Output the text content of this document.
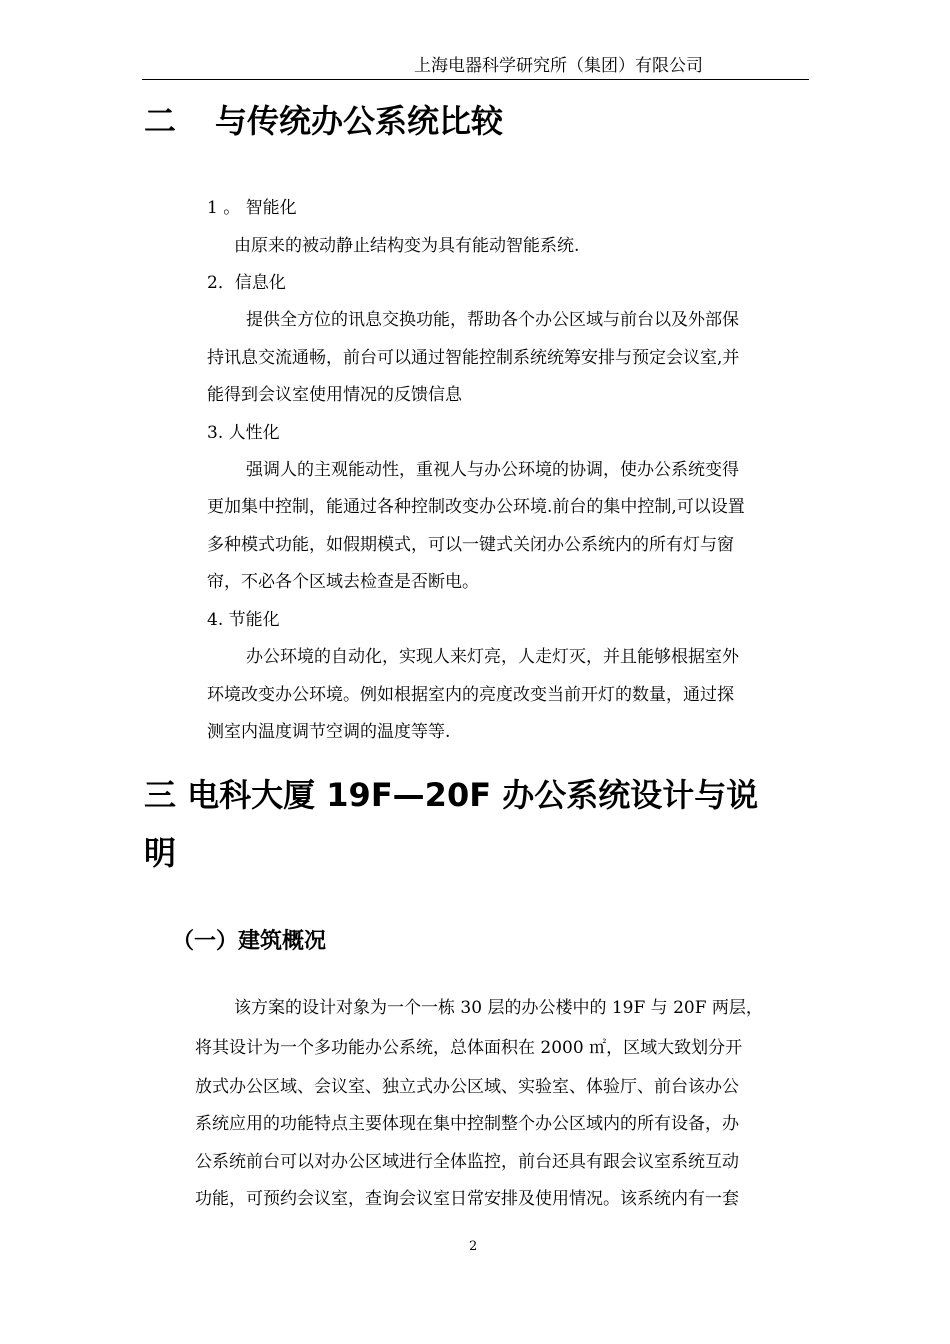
上海电器科学研究所（集团）有限公司
二 与传统办公系统比较
1 。 智能化
由原来的被动静止结构变为具有能动智能系统.
2．信息化
提供全方位的讯息交换功能，帮助各个办公区域与前台以及外部保
持讯息交流通畅，前台可以通过智能控制系统统筹安排与预定会议室,并
能得到会议室使用情况的反馈信息
3. 人性化
强调人的主观能动性，重视人与办公环境的协调，使办公系统变得
更加集中控制，能通过各种控制改变办公环境.前台的集中控制,可以设置
多种模式功能，如假期模式，可以一键式关闭办公系统内的所有灯与窗
帘，不必各个区域去检查是否断电。
4. 节能化
办公环境的自动化，实现人来灯亮，人走灯灭，并且能够根据室外
环境改变办公环境。例如根据室内的亮度改变当前开灯的数量，通过探
测室内温度调节空调的温度等等.
三 电科大厦 19F—20F 办公系统设计与说
明
（一）建筑概况
该方案的设计对象为一个一栋 30 层的办公楼中的 19F 与 20F 两层，
将其设计为一个多功能办公系统，总体面积在 2000 ㎡，区域大致划分开
放式办公区域、会议室、独立式办公区域、实验室、体验厅、前台该办公
系统应用的功能特点主要体现在集中控制整个办公区域内的所有设备，办
公系统前台可以对办公区域进行全体监控，前台还具有跟会议室系统互动
功能，可预约会议室，查询会议室日常安排及使用情况。该系统内有一套
2
